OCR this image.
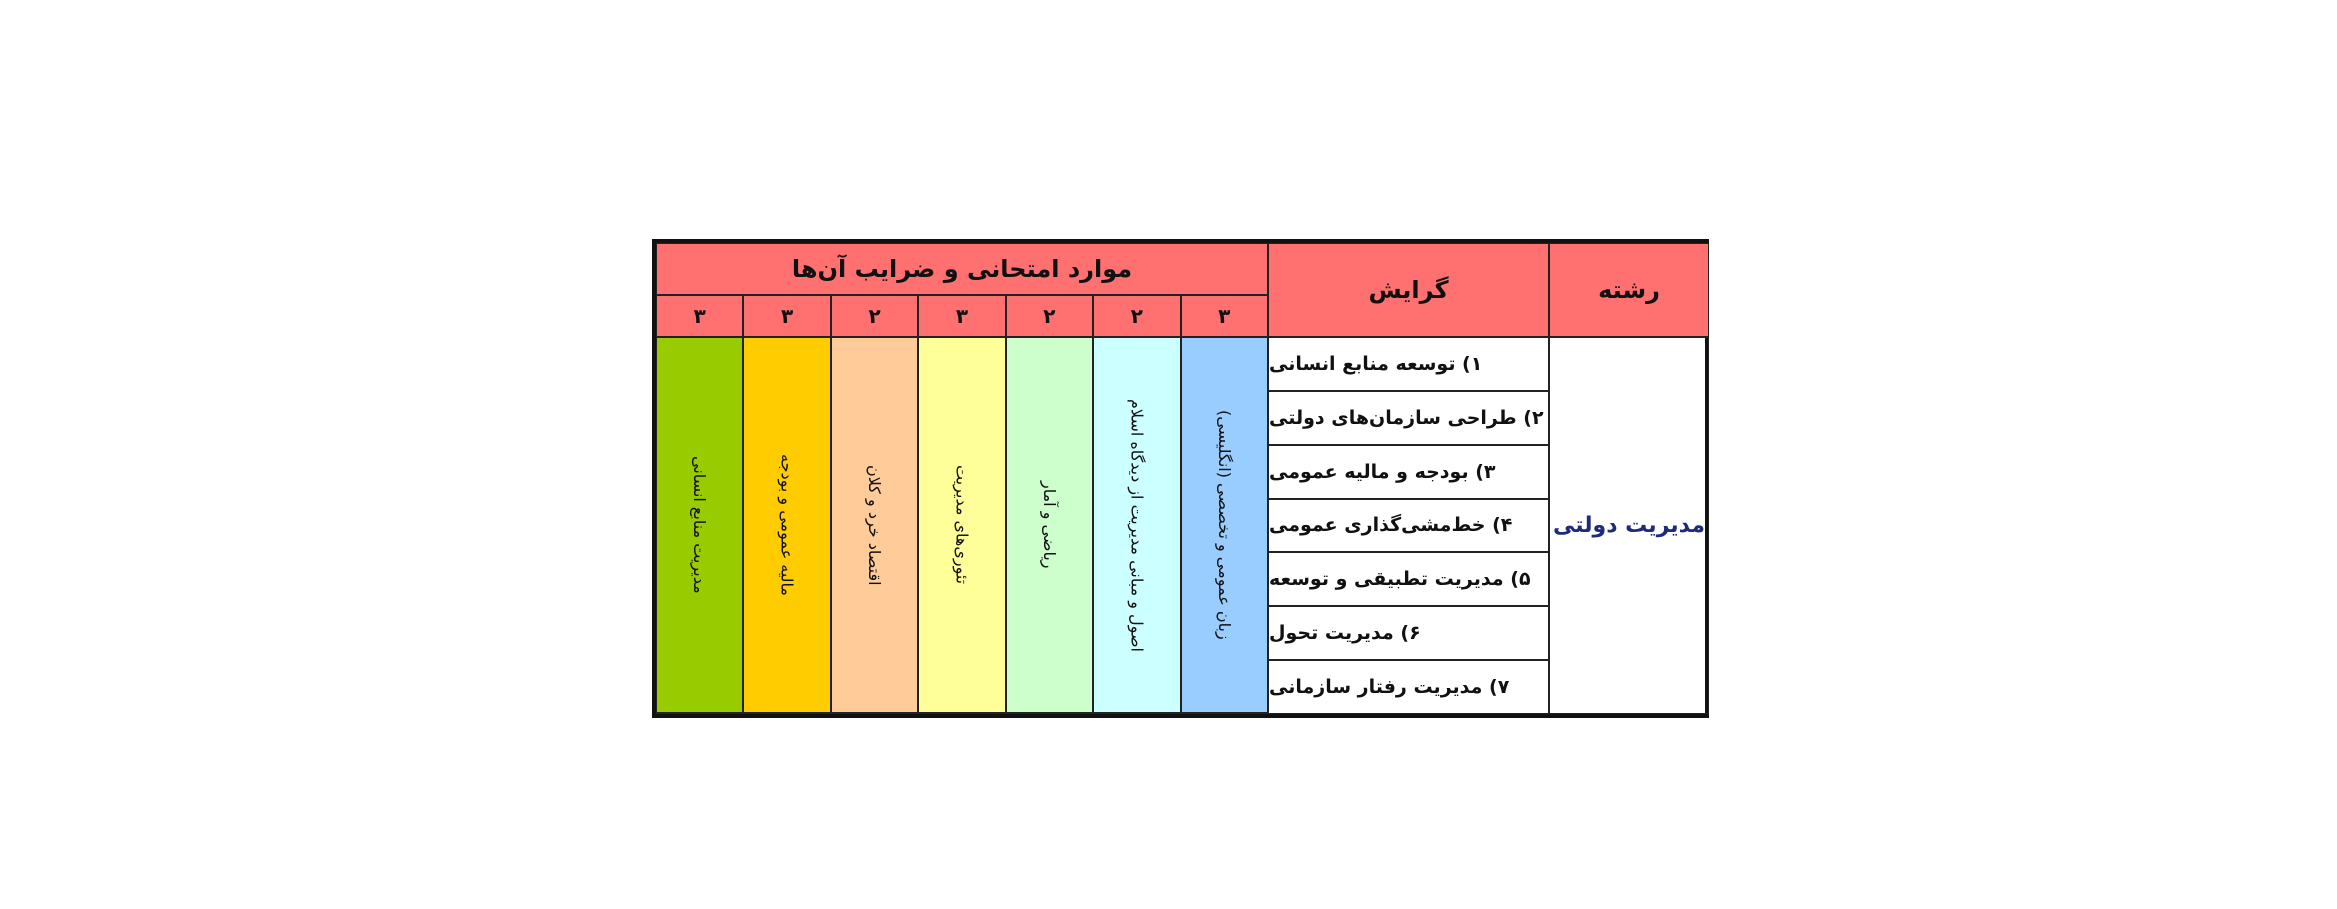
رشته
گرایش
موارد امتحانی و ضرایب آن‌ها
مدیریت دولتی
۱) توسعه منابع انسانی
۲) طراحی سازمان‌های دولتی
۳) بودجه و مالیه عمومی
۴) خط‌مشی‌گذاری عمومی
۵) مدیریت تطبیقی و توسعه
۶) مدیریت تحول
۷) مدیریت رفتار سازمانی
۳
زبان عمومی و تخصصی (انگلیسی)
۲
اصول و مبانی مدیریت از دیدگاه اسلام
۲
ریاضی و آمار
۳
تئوری‌های مدیریت
۲
اقتصاد خرد و کلان
۳
مالیه عمومی و بودجه
۳
مدیریت منابع انسانی
